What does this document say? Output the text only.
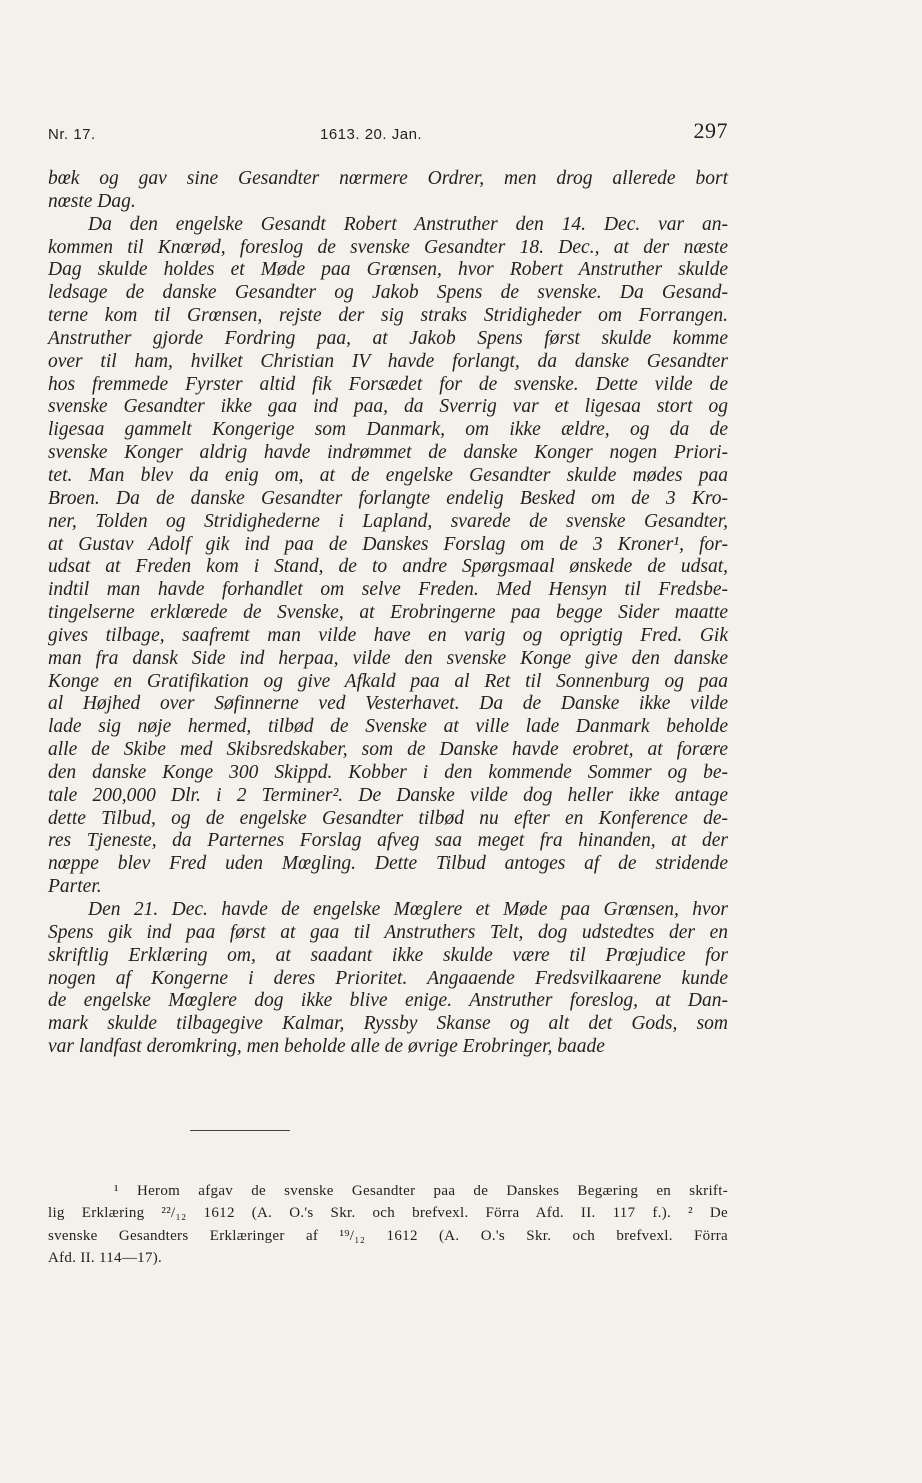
Nr. 17.	1613. 20. Jan.	297
bœk og gav sine Gesandter nœrmere Ordrer, men drog allerede bort
nœste Dag.
Da den engelske Gesandt Robert Anstruther den 14. Dec. var an-
kommen til Knœrød, foreslog de svenske Gesandter 18. Dec., at der næste
Dag skulde holdes et Møde paa Grœnsen, hvor Robert Anstruther skulde
ledsage de danske Gesandter og Jakob Spens de svenske. Da Gesand-
terne kom til Grœnsen, rejste der sig straks Stridigheder om Forrangen.
Anstruther gjorde Fordring paa, at Jakob Spens først skulde komme
over til ham, hvilket Christian IV havde forlangt, da danske Gesandter
hos fremmede Fyrster altid fik Forsædet for de svenske. Dette vilde de
svenske Gesandter ikke gaa ind paa, da Sverrig var et ligesaa stort og
ligesaa gammelt Kongerige som Danmark, om ikke ældre, og da de
svenske Konger aldrig havde indrømmet de danske Konger nogen Priori-
tet. Man blev da enig om, at de engelske Gesandter skulde mødes paa
Broen. Da de danske Gesandter forlangte endelig Besked om de 3 Kro-
ner, Tolden og Stridighederne i Lapland, svarede de svenske Gesandter,
at Gustav Adolf gik ind paa de Danskes Forslag om de 3 Kroner¹, for-
udsat at Freden kom i Stand, de to andre Spørgsmaal ønskede de udsat,
indtil man havde forhandlet om selve Freden. Med Hensyn til Fredsbe-
tingelserne erklœrede de Svenske, at Erobringerne paa begge Sider maatte
gives tilbage, saafremt man vilde have en varig og oprigtig Fred. Gik
man fra dansk Side ind herpaa, vilde den svenske Konge give den danske
Konge en Gratifikation og give Afkald paa al Ret til Sonnenburg og paa
al Højhed over Søfinnerne ved Vesterhavet. Da de Danske ikke vilde
lade sig nøje hermed, tilbød de Svenske at ville lade Danmark beholde
alle de Skibe med Skibsredskaber, som de Danske havde erobret, at forære
den danske Konge 300 Skippd. Kobber i den kommende Sommer og be-
tale 200,000 Dlr. i 2 Terminer². De Danske vilde dog heller ikke antage
dette Tilbud, og de engelske Gesandter tilbød nu efter en Konference de-
res Tjeneste, da Parternes Forslag afveg saa meget fra hinanden, at der
nœppe blev Fred uden Mœgling. Dette Tilbud antoges af de stridende
Parter.
Den 21. Dec. havde de engelske Mœglere et Møde paa Grœnsen, hvor
Spens gik ind paa først at gaa til Anstruthers Telt, dog udstedtes der en
skriftlig Erklæring om, at saadant ikke skulde være til Prœjudice for
nogen af Kongerne i deres Prioritet. Angaaende Fredsvilkaarene kunde
de engelske Mœglere dog ikke blive enige. Anstruther foreslog, at Dan-
mark skulde tilbagegive Kalmar, Ryssby Skanse og alt det Gods, som
var landfast deromkring, men beholde alle de øvrige Erobringer, baade
¹ Herom afgav de svenske Gesandter paa de Danskes Begæring en skrift-
lig Erklæring ²²/₁₂ 1612 (A. O.'s Skr. och brefvexl. Förra Afd. II. 117 f.). ² De
svenske Gesandters Erklæringer af ¹⁹/₁₂ 1612 (A. O.'s Skr. och brefvexl. Förra
Afd. II. 114—17).
